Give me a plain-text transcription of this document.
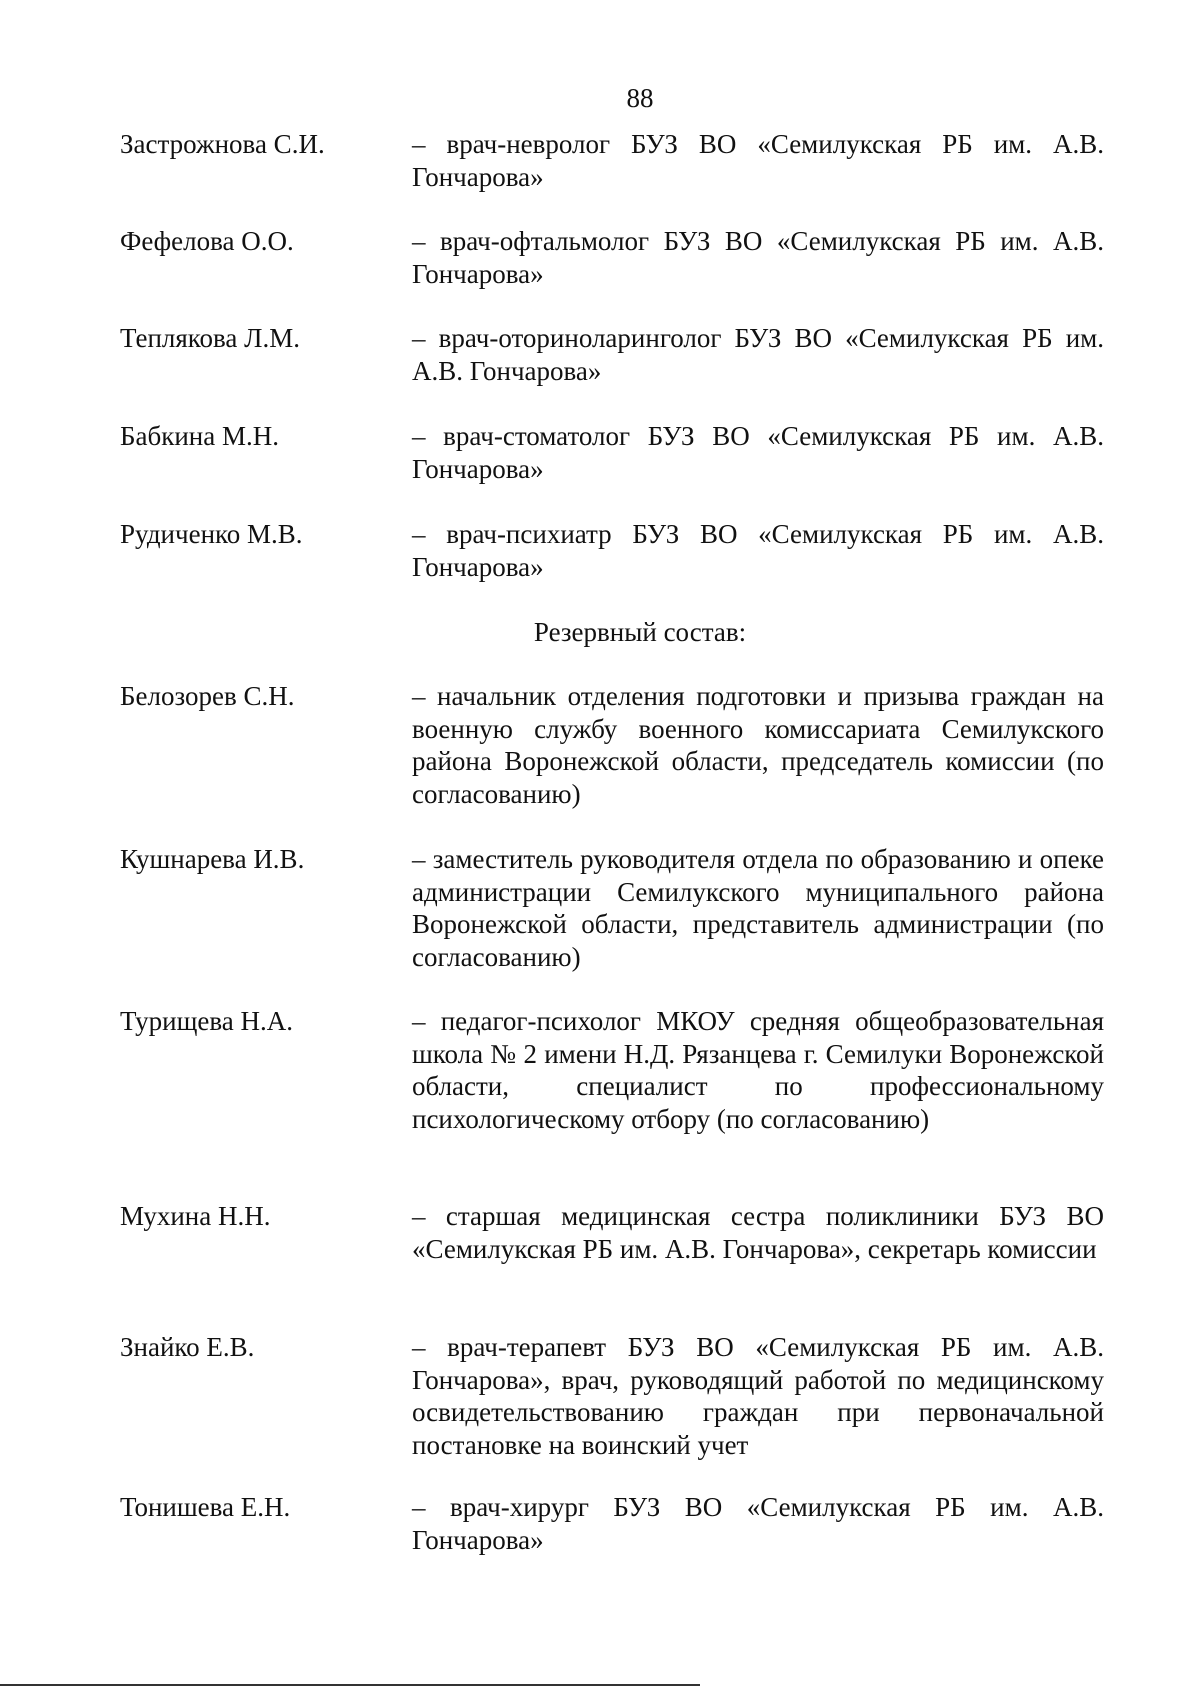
88
Застрожнова С.И.	– врач-невролог БУЗ ВО «Семилукская РБ им. А.В. Гончарова»
Фефелова О.О.	– врач-офтальмолог БУЗ ВО «Семилукская РБ им. А.В. Гончарова»
Теплякова Л.М.	– врач-оториноларинголог БУЗ ВО «Семилукская РБ им. А.В. Гончарова»
Бабкина М.Н.	– врач-стоматолог БУЗ ВО «Семилукская РБ им. А.В. Гончарова»
Рудиченко М.В.	– врач-психиатр БУЗ ВО «Семилукская РБ им. А.В. Гончарова»
Резервный состав:
Белозорев С.Н.	– начальник отделения подготовки и призыва граждан на военную службу военного комиссариата Семилукского района Воронежской области, председатель комиссии (по согласованию)
Кушнарева И.В.	– заместитель руководителя отдела по образованию и опеке администрации Семилукского муниципального района Воронежской области, представитель администрации (по согласованию)
Турищева Н.А.	– педагог-психолог МКОУ средняя общеобразовательная школа № 2 имени Н.Д. Рязанцева г. Семилуки Воронежской области, специалист по профессиональному психологическому отбору (по согласованию)
Мухина Н.Н.	– старшая медицинская сестра поликлиники БУЗ ВО «Семилукская РБ им. А.В. Гончарова», секретарь комиссии
Знайко Е.В.	– врач-терапевт БУЗ ВО «Семилукская РБ им. А.В. Гончарова», врач, руководящий работой по медицинскому освидетельствованию граждан при первоначальной постановке на воинский учет
Тонишева Е.Н.	– врач-хирург БУЗ ВО «Семилукская РБ им. А.В. Гончарова»
